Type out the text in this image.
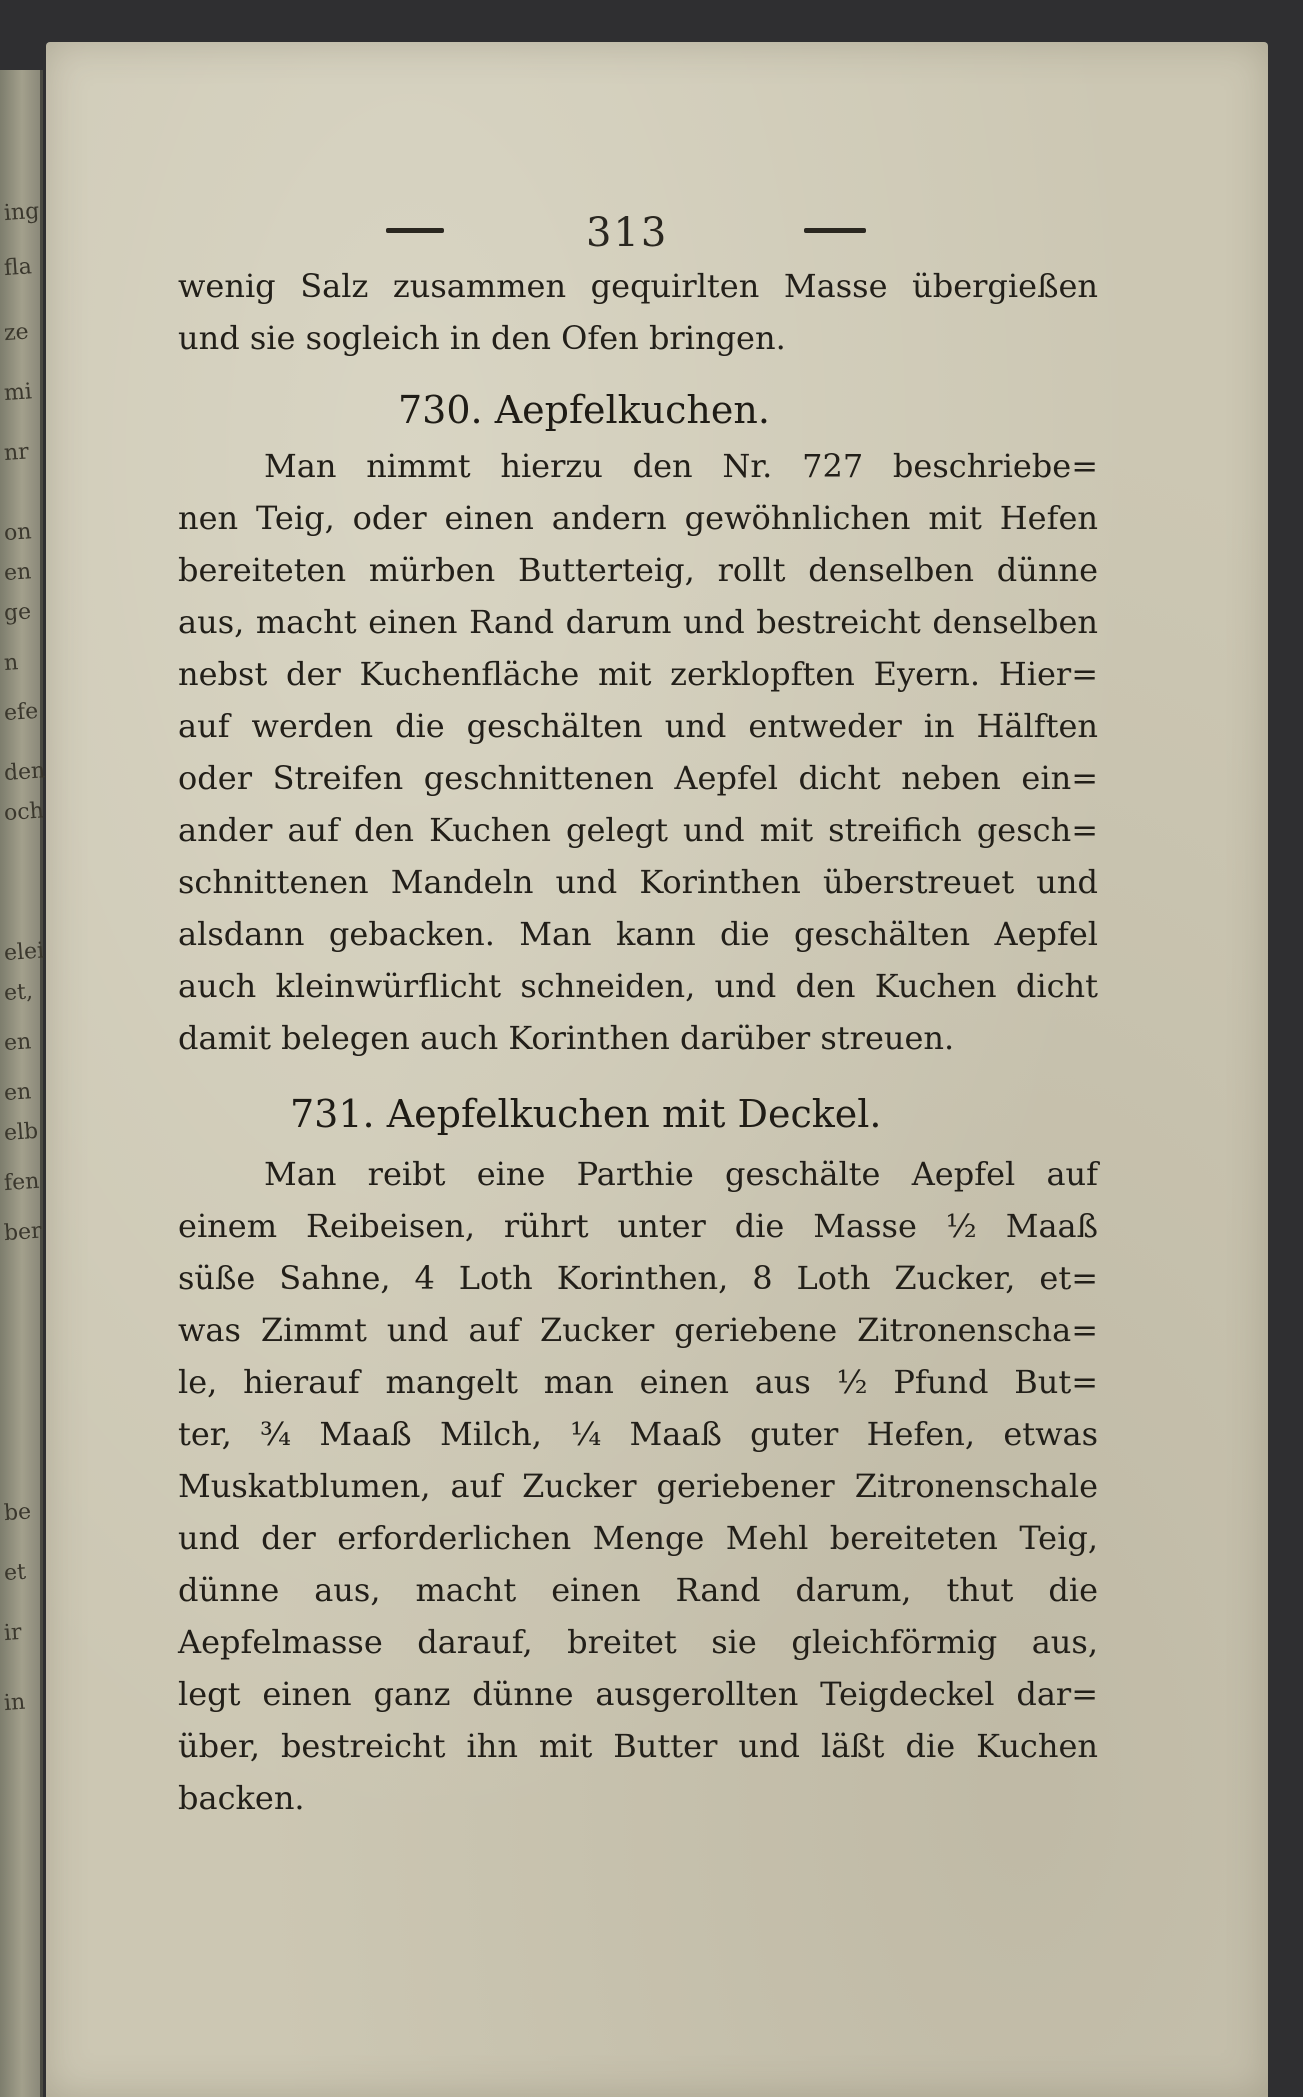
ing
fla
ze
mi
nr
on
en
ge
n
efe
den
och
elei
et,
en
en
elb
fen
ber
be
et
ir
in
313
wenig Salz zusammen gequirlten Masse übergießen
und sie sogleich in den Ofen bringen.
730. Aepfelkuchen.
Man nimmt hierzu den Nr. 727 beschriebe=
nen Teig, oder einen andern gewöhnlichen mit Hefen
bereiteten mürben Butterteig, rollt denselben dünne
aus, macht einen Rand darum und bestreicht denselben
nebst der Kuchenfläche mit zerklopften Eyern. Hier=
auf werden die geschälten und entweder in Hälften
oder Streifen geschnittenen Aepfel dicht neben ein=
ander auf den Kuchen gelegt und mit streifich gesch=
schnittenen Mandeln und Korinthen überstreuet und
alsdann gebacken. Man kann die geschälten Aepfel
auch kleinwürflicht schneiden, und den Kuchen dicht
damit belegen auch Korinthen darüber streuen.
731. Aepfelkuchen mit Deckel.
Man reibt eine Parthie geschälte Aepfel auf
einem Reibeisen, rührt unter die Masse ½ Maaß
süße Sahne, 4 Loth Korinthen, 8 Loth Zucker, et=
was Zimmt und auf Zucker geriebene Zitronenscha=
le, hierauf mangelt man einen aus ½ Pfund But=
ter, ¾ Maaß Milch, ¼ Maaß guter Hefen, etwas
Muskatblumen, auf Zucker geriebener Zitronenschale
und der erforderlichen Menge Mehl bereiteten Teig,
dünne aus, macht einen Rand darum, thut die
Aepfelmasse darauf, breitet sie gleichförmig aus,
legt einen ganz dünne ausgerollten Teigdeckel dar=
über, bestreicht ihn mit Butter und läßt die Kuchen
backen.
